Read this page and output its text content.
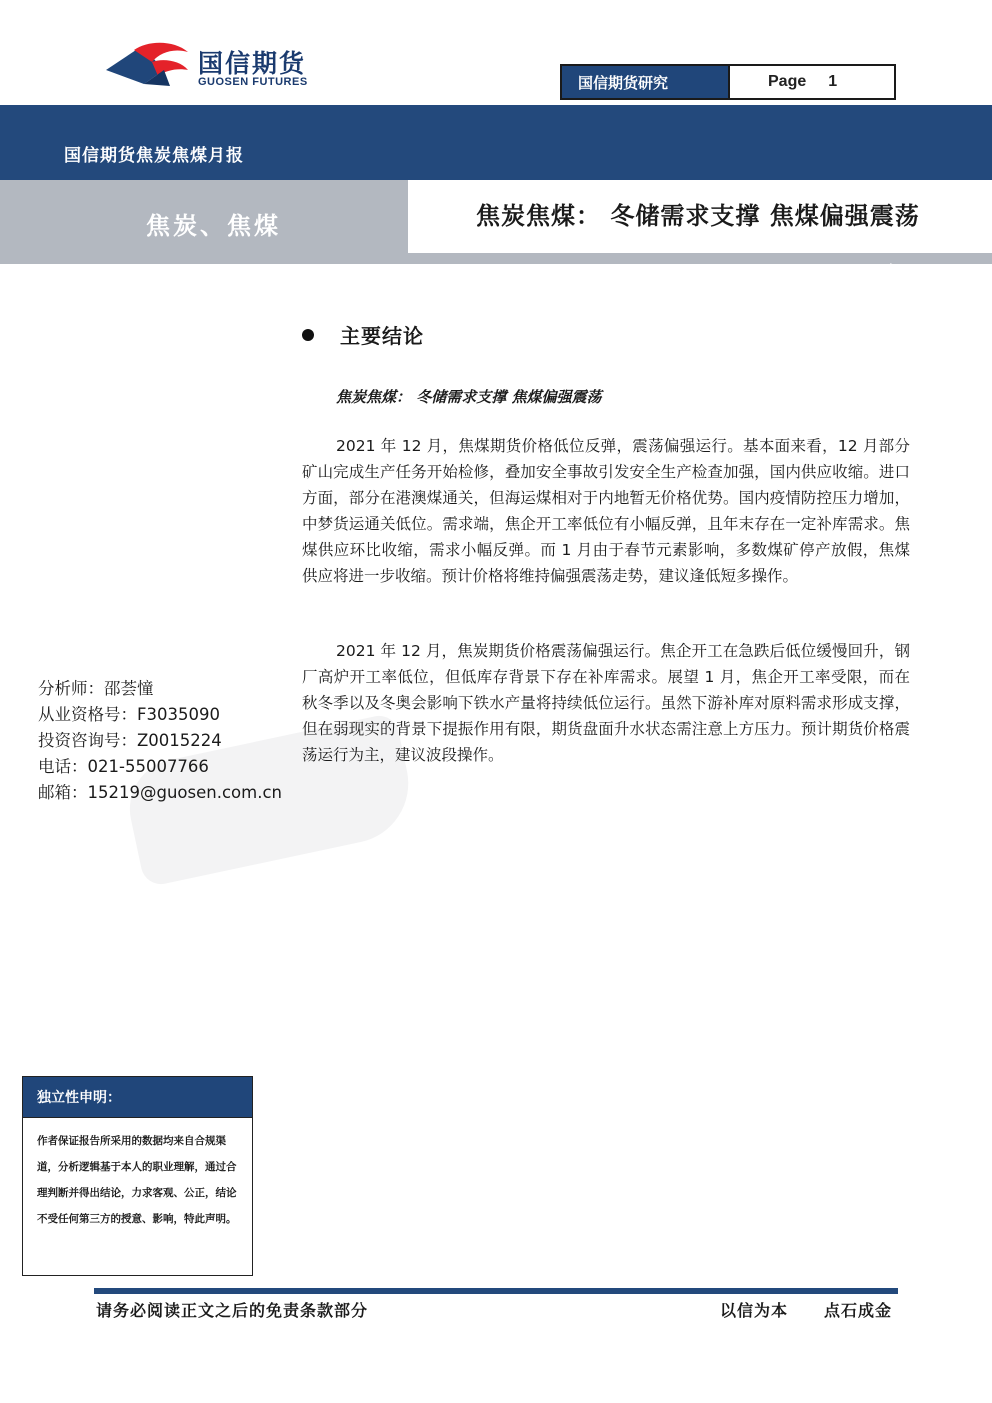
国信期货
GUOSEN FUTURES	国信期货研究	Page 1
国信期货焦炭焦煤月报
焦炭、焦煤	焦炭焦煤： 冬储需求支撑 焦煤偏强震荡
2021 年 12 月 25 日
主要结论
焦炭焦煤： 冬储需求支撑 焦煤偏强震荡
2021 年 12 月，焦煤期货价格低位反弹，震荡偏强运行。基本面来看，12 月部分矿山完成生产任务开始检修，叠加安全事故引发安全生产检查加强，国内供应收缩。进口方面，部分在港澳煤通关，但海运煤相对于内地暂无价格优势。国内疫情防控压力增加，中梦货运通关低位。需求端，焦企开工率低位有小幅反弹，且年末存在一定补库需求。焦煤供应环比收缩，需求小幅反弹。而 1 月由于春节元素影响，多数煤矿停产放假，焦煤供应将进一步收缩。预计价格将维持偏强震荡走势，建议逢低短多操作。
2021 年 12 月，焦炭期货价格震荡偏强运行。焦企开工在急跌后低位缓慢回升，钢厂高炉开工率低位，但低库存背景下存在补库需求。展望 1 月，焦企开工率受限，而在秋冬季以及冬奥会影响下铁水产量将持续低位运行。虽然下游补库对原料需求形成支撑，但在弱现实的背景下提振作用有限，期货盘面升水状态需注意上方压力。预计期货价格震荡运行为主，建议波段操作。
分析师：邵荟憧
从业资格号：F3035090
投资咨询号：Z0015224
电话：021-55007766
邮箱：15219@guosen.com.cn
独立性申明：
作者保证报告所采用的数据均来自合规渠道，分析逻辑基于本人的职业理解，通过合理判断并得出结论，力求客观、公正，结论不受任何第三方的授意、影响，特此声明。
请务必阅读正文之后的免责条款部分	以信为本 点石成金
